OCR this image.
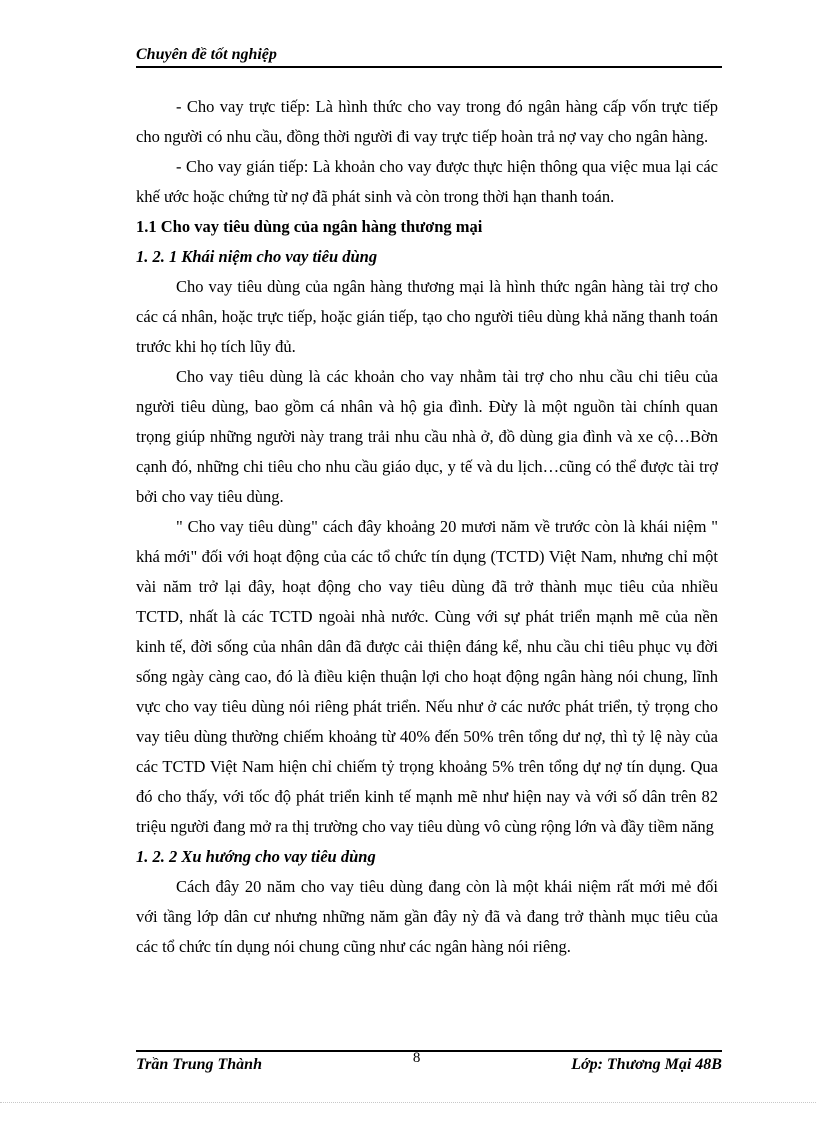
Chuyên đề tốt nghiệp

- Cho vay trực tiếp: Là hình thức cho vay trong đó ngân hàng cấp vốn trực tiếp cho người có nhu cầu, đồng thời người đi vay trực tiếp hoàn trả nợ vay cho ngân hàng.

- Cho vay gián tiếp: Là khoản cho vay được thực hiện thông qua việc mua lại các khế ước hoặc chứng từ nợ đã phát sinh và còn trong thời hạn thanh toán.

1.1 Cho vay tiêu dùng của ngân hàng thương mại

1. 2. 1 Khái niệm cho vay tiêu dùng

Cho vay tiêu dùng của ngân hàng thương mại là hình thức ngân hàng tài trợ cho các cá nhân, hoặc trực tiếp, hoặc gián tiếp, tạo cho người tiêu dùng khả năng thanh toán trước khi họ tích lũy đủ.

Cho vay tiêu dùng là các khoản cho vay nhằm tài trợ cho nhu cầu chi tiêu của người tiêu dùng, bao gồm cá nhân và hộ gia đình. Đừy là một nguồn tài chính quan trọng giúp những người này trang trải nhu cầu nhà ở, đồ dùng gia đình và xe cộ…Bờn cạnh đó, những chi tiêu cho nhu cầu giáo dục, y tế và du lịch…cũng có thể được tài trợ bởi cho vay tiêu dùng.

" Cho vay tiêu dùng" cách đây khoảng 20 mươi năm về trước còn là khái niệm " khá mới" đối với hoạt động của các tổ chức tín dụng (TCTD) Việt Nam, nhưng chỉ một vài năm trở lại đây, hoạt động cho vay tiêu dùng đã trở thành mục tiêu của nhiều TCTD, nhất là các TCTD ngoài nhà nước. Cùng với sự phát triển mạnh mẽ của nền kinh tế, đời sống của nhân dân đã được cải thiện đáng kể, nhu cầu chi tiêu phục vụ đời sống ngày càng cao, đó là điều kiện thuận lợi cho hoạt động ngân hàng nói chung, lĩnh vực cho vay tiêu dùng nói riêng phát triển. Nếu như ở các nước phát triển, tỷ trọng cho vay tiêu dùng thường chiếm khoảng từ 40% đến 50% trên tổng dư nợ, thì tỷ lệ này của các TCTD Việt Nam hiện chỉ chiếm tỷ trọng khoảng 5% trên tổng dự nợ tín dụng. Qua đó cho thấy, với tốc độ phát triển kinh tế mạnh mẽ như hiện nay và với số dân trên 82 triệu người đang mở ra thị trường cho vay tiêu dùng vô cùng rộng lớn và đầy tiềm năng

1. 2. 2 Xu hướng cho vay tiêu dùng

Cách đây 20 năm cho vay tiêu dùng đang còn là một khái niệm rất mới mẻ đối với tầng lớp dân cư nhưng những năm gần đây nỳ đã và đang trở thành mục tiêu của các tổ chức tín dụng nói chung cũng như các ngân hàng nói riêng.

Trần Trung Thành	8	Lớp: Thương Mại 48B
